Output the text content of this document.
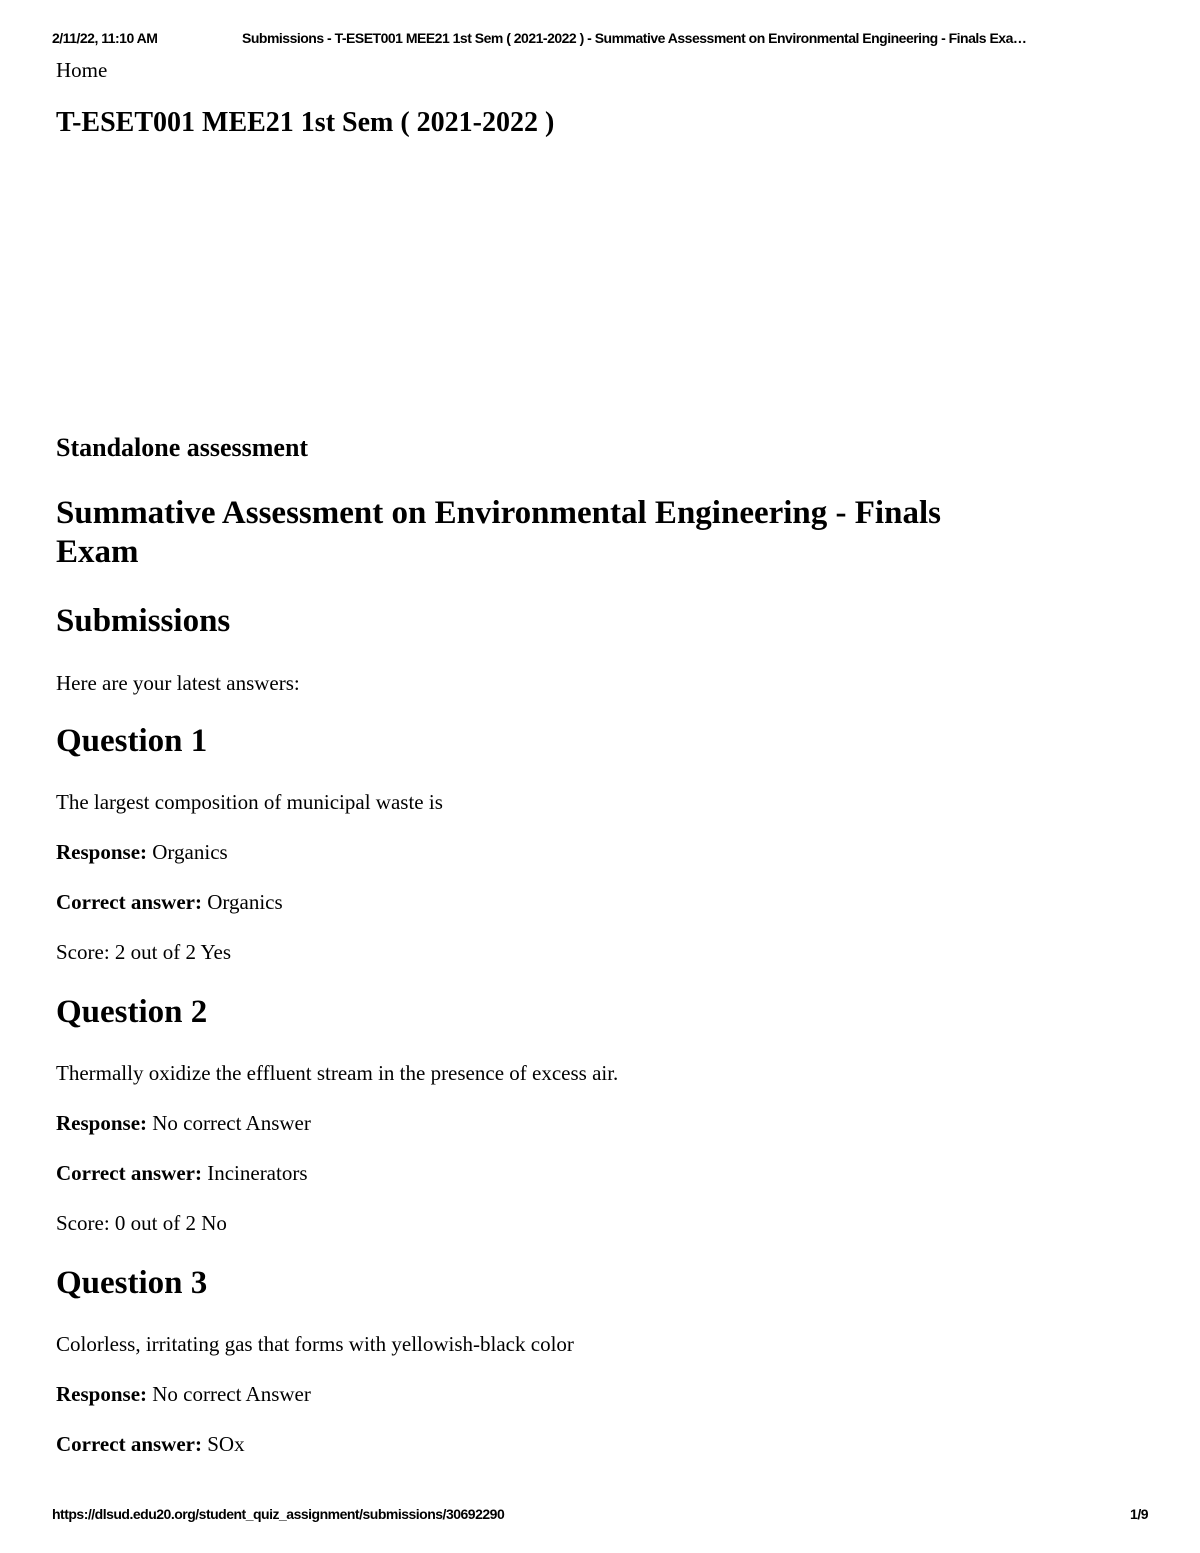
2/11/22, 11:10 AM	Submissions - T-ESET001 MEE21 1st Sem ( 2021-2022 ) - Summative Assessment on Environmental Engineering - Finals Exa…
Home
T-ESET001 MEE21 1st Sem ( 2021-2022 )
Standalone assessment
Summative Assessment on Environmental Engineering - Finals Exam
Submissions

Here are your latest answers:

Question 1

The largest composition of municipal waste is

Response: Organics

Correct answer: Organics

Score: 2 out of 2 Yes

Question 2

Thermally oxidize the effluent stream in the presence of excess air.

Response: No correct Answer

Correct answer: Incinerators

Score: 0 out of 2 No

Question 3

Colorless, irritating gas that forms with yellowish-black color

Response: No correct Answer

Correct answer: SOx

https://dlsud.edu20.org/student_quiz_assignment/submissions/30692290	1/9
